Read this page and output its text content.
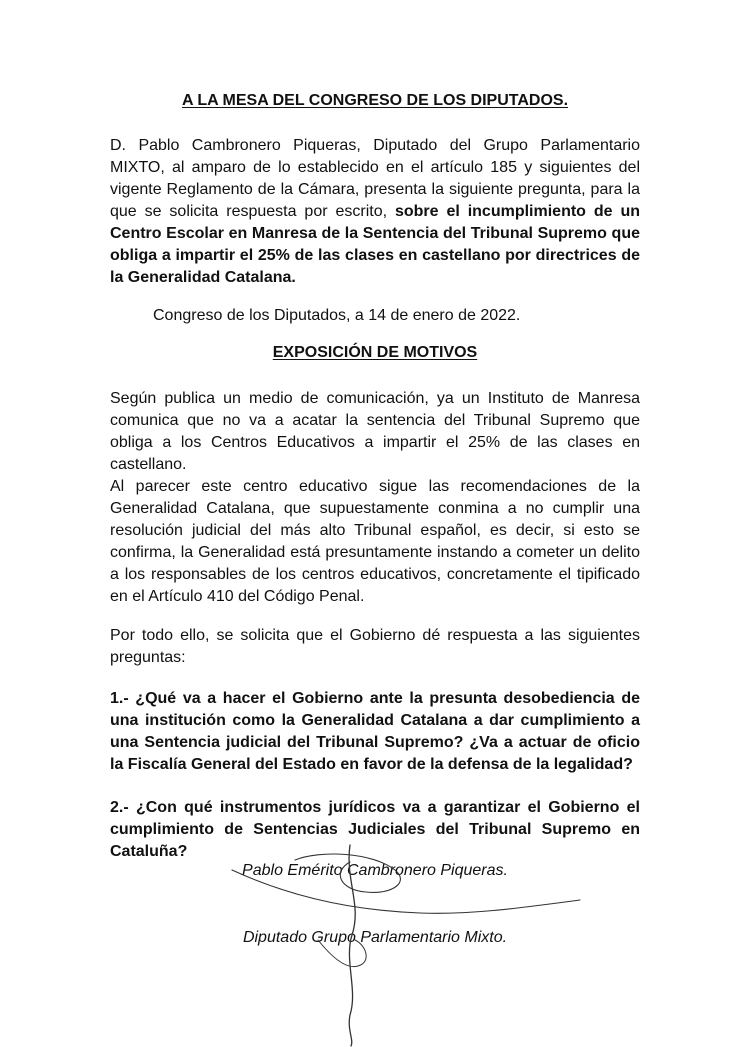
A LA MESA DEL CONGRESO DE LOS DIPUTADOS.
D. Pablo Cambronero Piqueras, Diputado del Grupo Parlamentario MIXTO, al amparo de lo establecido en el artículo 185 y siguientes del vigente Reglamento de la Cámara, presenta la siguiente pregunta, para la que se solicita respuesta por escrito, sobre el incumplimiento de un Centro Escolar en Manresa de la Sentencia del Tribunal Supremo que obliga a impartir el 25% de las clases en castellano por directrices de la Generalidad Catalana.
Congreso de los Diputados, a 14 de enero de 2022.
EXPOSICIÓN DE MOTIVOS
Según publica un medio de comunicación, ya un Instituto de Manresa comunica que no va a acatar la sentencia del Tribunal Supremo que obliga a los Centros Educativos a impartir el 25% de las clases en castellano.
Al parecer este centro educativo sigue las recomendaciones de la Generalidad Catalana, que supuestamente conmina a no cumplir una resolución judicial del más alto Tribunal español, es decir, si esto se confirma, la Generalidad está presuntamente instando a cometer un delito a los responsables de los centros educativos, concretamente el tipificado en el Artículo 410 del Código Penal.
Por todo ello, se solicita que el Gobierno dé respuesta a las siguientes preguntas:
1.- ¿Qué va a hacer el Gobierno ante la presunta desobediencia de una institución como la Generalidad Catalana a dar cumplimiento a una Sentencia judicial del Tribunal Supremo? ¿Va a actuar de oficio la Fiscalía General del Estado en favor de la defensa de la legalidad?
2.- ¿Con qué instrumentos jurídicos va a garantizar el Gobierno el cumplimiento de Sentencias Judiciales del Tribunal Supremo en Cataluña?
Pablo Emérito Cambronero Piqueras.
Diputado Grupo Parlamentario Mixto.
